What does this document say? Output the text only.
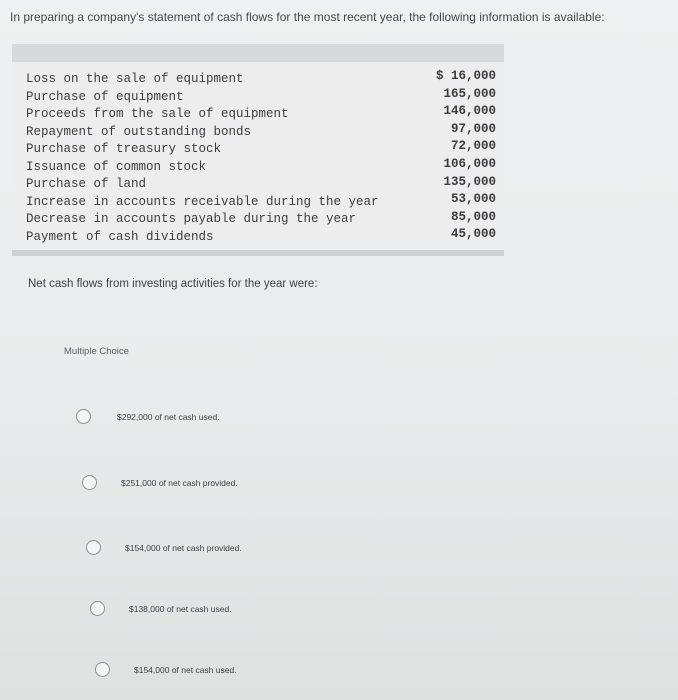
In preparing a company's statement of cash flows for the most recent year, the following information is available:
Loss on the sale of equipment
Purchase of equipment
Proceeds from the sale of equipment
Repayment of outstanding bonds
Purchase of treasury stock
Issuance of common stock
Purchase of land
Increase in accounts receivable during the year
Decrease in accounts payable during the year
Payment of cash dividends
$ 16,000
165,000
146,000
97,000
72,000
106,000
135,000
53,000
85,000
45,000
Net cash flows from investing activities for the year were:
Multiple Choice
$292,000 of net cash used.
$251,000 of net cash provided.
$154,000 of net cash provided.
$138,000 of net cash used.
$154,000 of net cash used.
